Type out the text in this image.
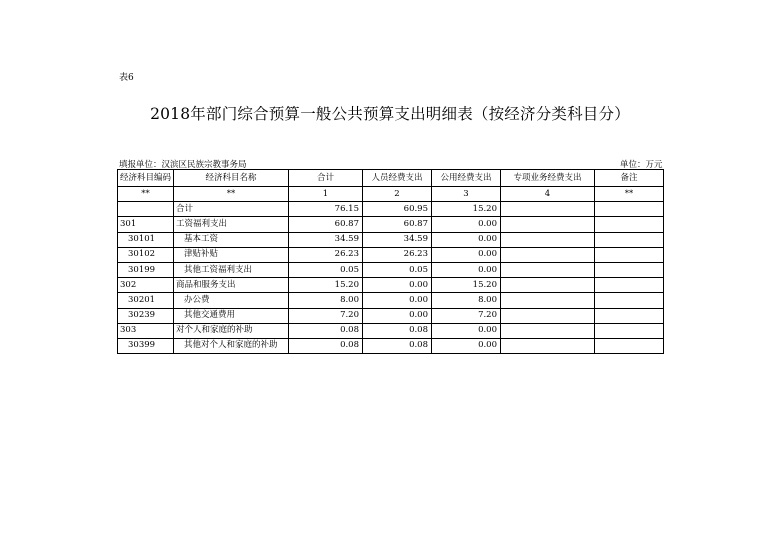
表6
2018年部门综合预算一般公共预算支出明细表（按经济分类科目分）
填报单位：汉滨区民族宗教事务局	单位：万元
经济科目编码	经济科目名称	合计	人员经费支出	公用经费支出	专项业务经费支出	备注
**	**	1	2	3	4	**
	合计	76.15	60.95	15.20		
301	工资福利支出	60.87	60.87	0.00		
30101	基本工资	34.59	34.59	0.00		
30102	津贴补贴	26.23	26.23	0.00		
30199	其他工资福利支出	0.05	0.05	0.00		
302	商品和服务支出	15.20	0.00	15.20		
30201	办公费	8.00	0.00	8.00		
30239	其他交通费用	7.20	0.00	7.20		
303	对个人和家庭的补助	0.08	0.08	0.00		
30399	其他对个人和家庭的补助	0.08	0.08	0.00		
